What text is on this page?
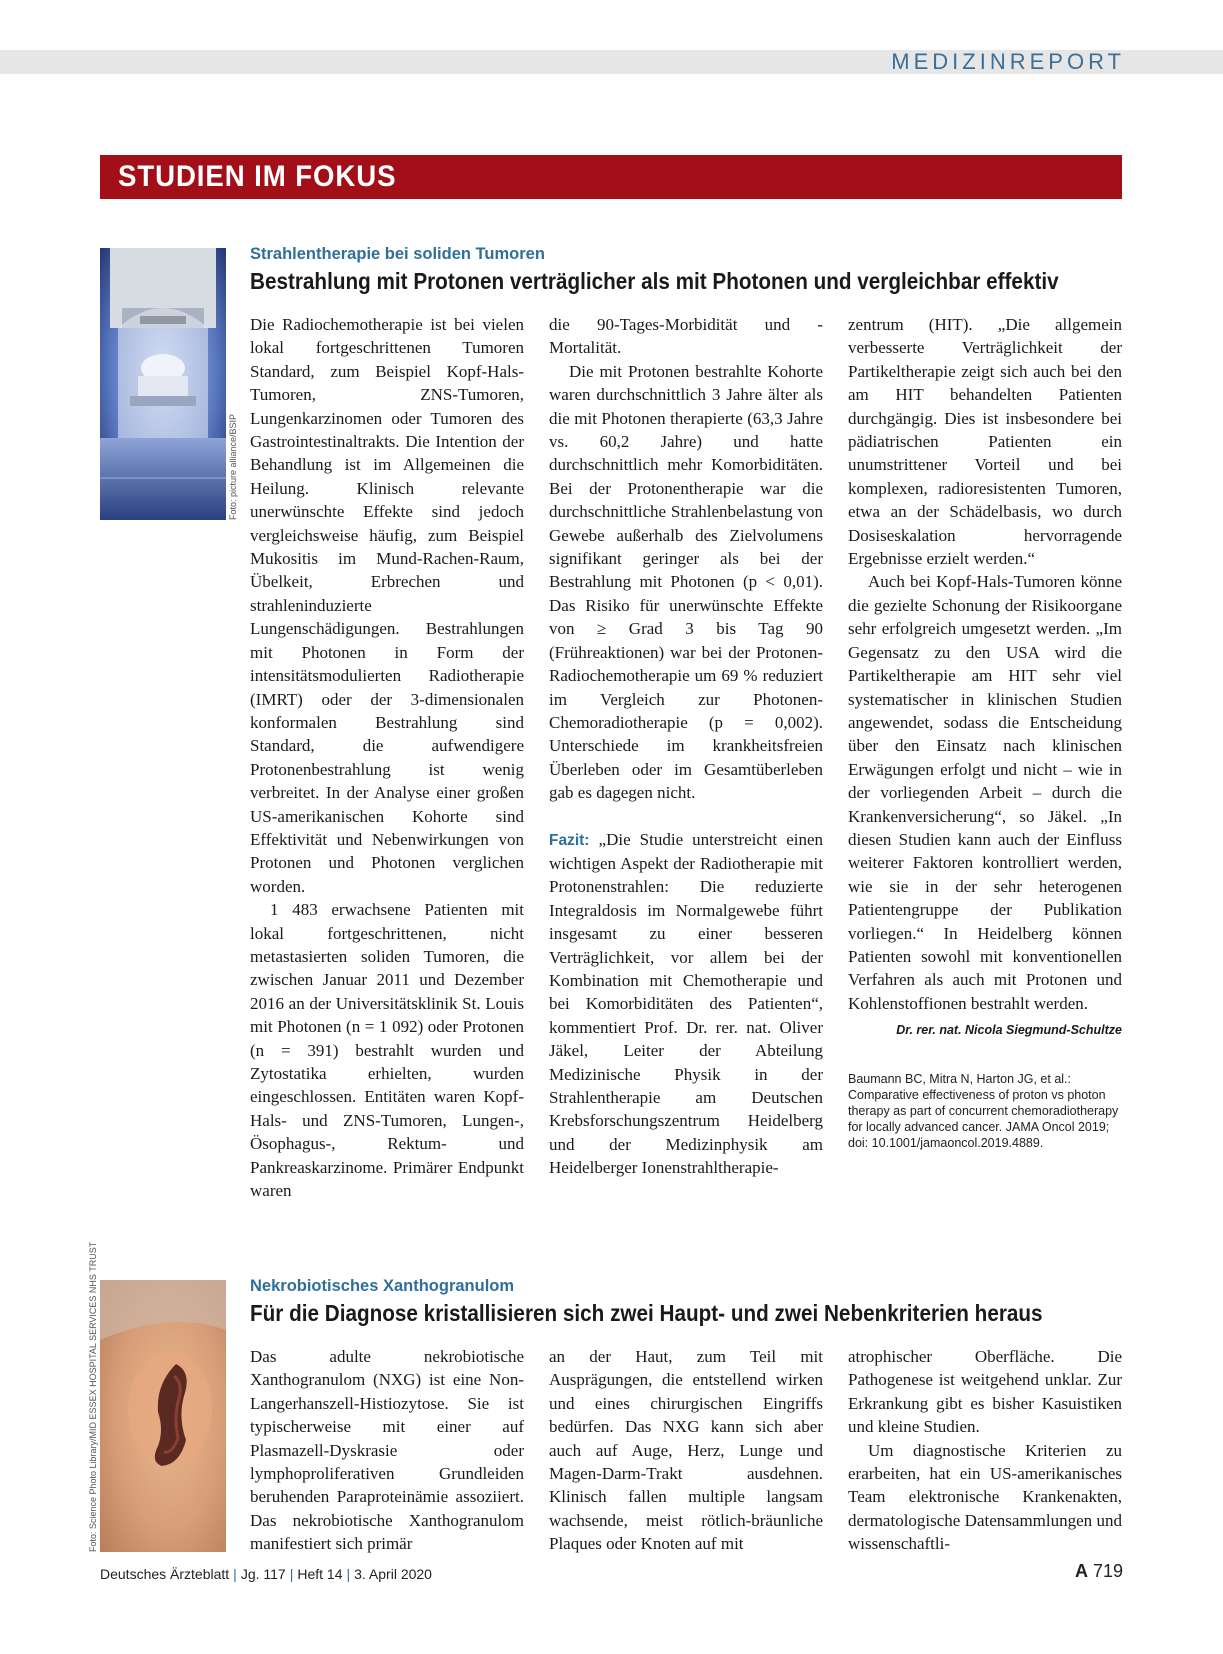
MEDIZINREPORT
STUDIEN IM FOKUS
Foto: picture alliance/BSIP
Strahlentherapie bei soliden Tumoren
Bestrahlung mit Protonen verträglicher als mit Photonen und vergleichbar effektiv

Die Radiochemotherapie ist bei vielen lokal fortgeschrittenen Tumoren Standard, zum Beispiel Kopf-Hals-Tumoren, ZNS-Tumoren, Lungenkarzinomen oder Tumoren des Gastrointestinaltrakts. Die Intention der Behandlung ist im Allgemeinen die Heilung. Klinisch relevante unerwünschte Effekte sind jedoch vergleichsweise häufig, zum Beispiel Mukositis im Mund-Rachen-Raum, Übelkeit, Erbrechen und strahleninduzierte Lungenschädigungen. Bestrahlungen mit Photonen in Form der intensitätsmodulierten Radiotherapie (IMRT) oder der 3-dimensionalen konformalen Bestrahlung sind Standard, die aufwendigere Protonenbestrahlung ist wenig verbreitet. In der Analyse einer großen US-amerikanischen Kohorte sind Effektivität und Nebenwirkungen von Protonen und Photonen verglichen worden.

1 483 erwachsene Patienten mit lokal fortgeschrittenen, nicht metastasierten soliden Tumoren, die zwischen Januar 2011 und Dezember 2016 an der Universitätsklinik St. Louis mit Photonen (n = 1 092) oder Protonen (n = 391) bestrahlt wurden und Zytostatika erhielten, wurden eingeschlossen. Entitäten waren Kopf-Hals- und ZNS-Tumoren, Lungen-, Ösophagus-, Rektum- und Pankreaskarzinome. Primärer Endpunkt waren

die 90-Tages-Morbidität und -Mortalität.

Die mit Protonen bestrahlte Kohorte waren durchschnittlich 3 Jahre älter als die mit Photonen therapierte (63,3 Jahre vs. 60,2 Jahre) und hatte durchschnittlich mehr Komorbiditäten. Bei der Protonentherapie war die durchschnittliche Strahlenbelastung von Gewebe außerhalb des Zielvolumens signifikant geringer als bei der Bestrahlung mit Photonen (p < 0,01). Das Risiko für unerwünschte Effekte von ≥ Grad 3 bis Tag 90 (Frühreaktionen) war bei der Protonen-Radiochemotherapie um 69 % reduziert im Vergleich zur Photonen-Chemoradiotherapie (p = 0,002). Unterschiede im krankheitsfreien Überleben oder im Gesamtüberleben gab es dagegen nicht.

Fazit: „Die Studie unterstreicht einen wichtigen Aspekt der Radiotherapie mit Protonenstrahlen: Die reduzierte Integraldosis im Normalgewebe führt insgesamt zu einer besseren Verträglichkeit, vor allem bei der Kombination mit Chemotherapie und bei Komorbiditäten des Patienten“, kommentiert Prof. Dr. rer. nat. Oliver Jäkel, Leiter der Abteilung Medizinische Physik in der Strahlentherapie am Deutschen Krebsforschungszentrum Heidelberg und der Medizinphysik am Heidelberger Ionenstrahltherapie-

zentrum (HIT). „Die allgemein verbesserte Verträglichkeit der Partikeltherapie zeigt sich auch bei den am HIT behandelten Patienten durchgängig. Dies ist insbesondere bei pädiatrischen Patienten ein unumstrittener Vorteil und bei komplexen, radioresistenten Tumoren, etwa an der Schädelbasis, wo durch Dosiseskalation hervorragende Ergebnisse erzielt werden.“

Auch bei Kopf-Hals-Tumoren könne die gezielte Schonung der Risikoorgane sehr erfolgreich umgesetzt werden. „Im Gegensatz zu den USA wird die Partikeltherapie am HIT sehr viel systematischer in klinischen Studien angewendet, sodass die Entscheidung über den Einsatz nach klinischen Erwägungen erfolgt und nicht – wie in der vorliegenden Arbeit – durch die Krankenversicherung“, so Jäkel. „In diesen Studien kann auch der Einfluss weiterer Faktoren kontrolliert werden, wie sie in der sehr heterogenen Patientengruppe der Publikation vorliegen.“ In Heidelberg können Patienten sowohl mit konventionellen Verfahren als auch mit Protonen und Kohlenstoffionen bestrahlt werden.

Dr. rer. nat. Nicola Siegmund-Schultze

Baumann BC, Mitra N, Harton JG, et al.: Comparative effectiveness of proton vs photon therapy as part of concurrent chemoradiotherapy for locally advanced cancer. JAMA Oncol 2019; doi: 10.1001/jamaoncol.2019.4889.

Foto: Science Photo Library/MID ESSEX HOSPITAL SERVICES NHS TRUST	Nekrobiotisches Xanthogranulom
Für die Diagnose kristallisieren sich zwei Haupt- und zwei Nebenkriterien heraus

Das adulte nekrobiotische Xanthogranulom (NXG) ist eine Non-Langerhanszell-Histiozytose. Sie ist typischerweise mit einer auf Plasmazell-Dyskrasie oder lymphoproliferativen Grundleiden beruhenden Paraproteinämie assoziiert. Das nekrobiotische Xanthogranulom manifestiert sich primär

an der Haut, zum Teil mit Ausprägungen, die entstellend wirken und eines chirurgischen Eingriffs bedürfen. Das NXG kann sich aber auch auf Auge, Herz, Lunge und Magen-Darm-Trakt ausdehnen. Klinisch fallen multiple langsam wachsende, meist rötlich-bräunliche Plaques oder Knoten auf mit

atrophischer Oberfläche. Die Pathogenese ist weitgehend unklar. Zur Erkrankung gibt es bisher Kasuistiken und kleine Studien.

Um diagnostische Kriterien zu erarbeiten, hat ein US-amerikanisches Team elektronische Krankenakten, dermatologische Datensammlungen und wissenschaftli-

Deutsches Ärzteblatt | Jg. 117 | Heft 14 | 3. April 2020	A 719
